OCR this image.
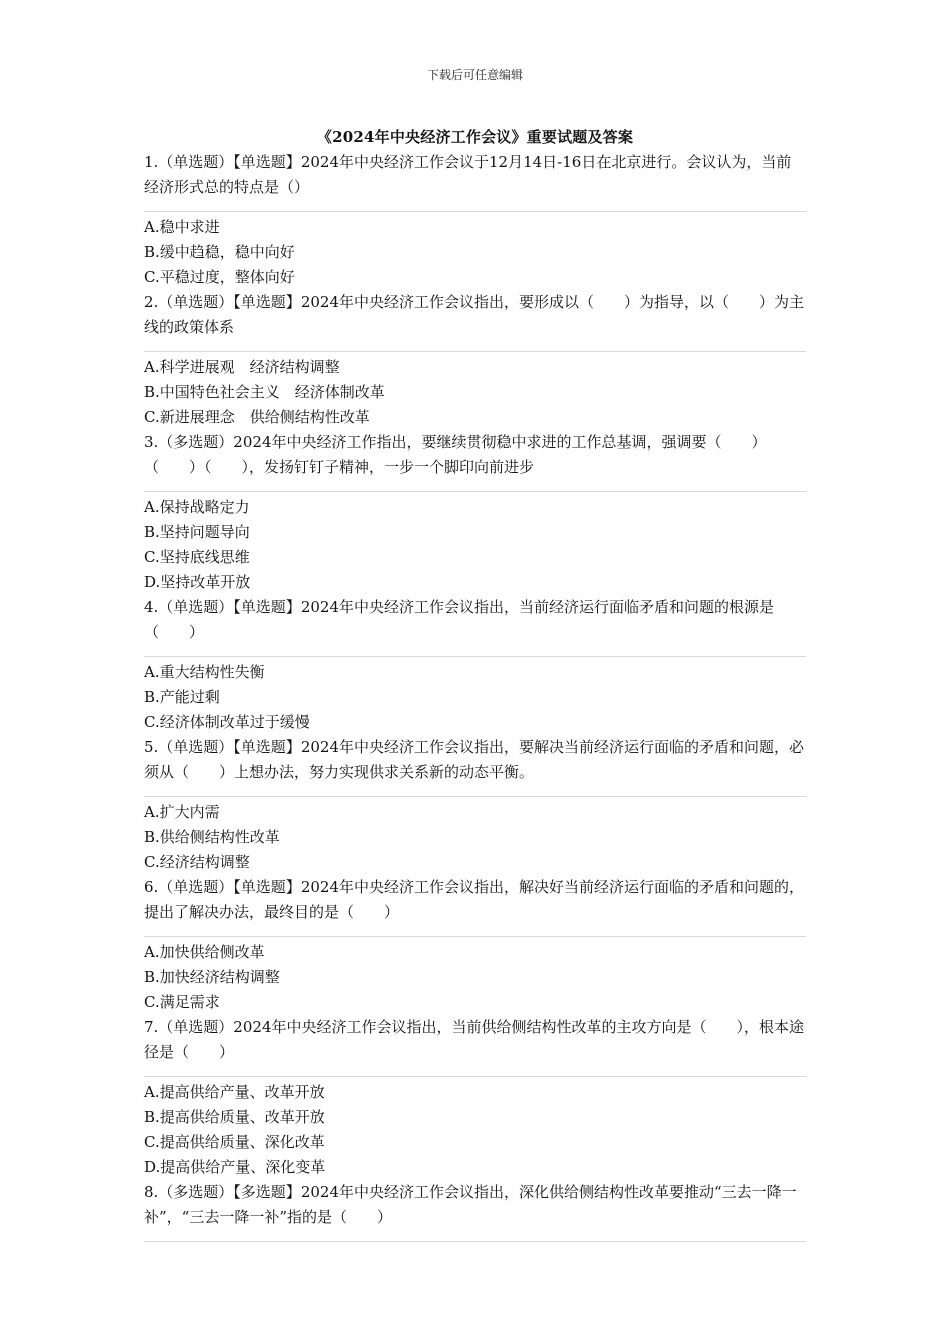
下载后可任意编辑
《2024年中央经济工作会议》重要试题及答案

1.（单选题）【单选题】2024年中央经济工作会议于12月14日-16日在北京进行。会议认为，当前经济形式总的特点是（）

A.稳中求进
B.缓中趋稳，稳中向好
C.平稳过度，整体向好

2.（单选题）【单选题】2024年中央经济工作会议指出，要形成以（　　）为指导，以（　　）为主线的政策体系

A.科学进展观　经济结构调整
B.中国特色社会主义　经济体制改革
C.新进展理念　供给侧结构性改革

3.（多选题）2024年中央经济工作指出，要继续贯彻稳中求进的工作总基调，强调要（　　）（　　）（　　），发扬钉钉子精神，一步一个脚印向前进步

A.保持战略定力
B.坚持问题导向
C.坚持底线思维
D.坚持改革开放

4.（单选题）【单选题】2024年中央经济工作会议指出，当前经济运行面临矛盾和问题的根源是（　　）

A.重大结构性失衡
B.产能过剩
C.经济体制改革过于缓慢

5.（单选题）【单选题】2024年中央经济工作会议指出，要解决当前经济运行面临的矛盾和问题，必须从（　　）上想办法，努力实现供求关系新的动态平衡。

A.扩大内需
B.供给侧结构性改革
C.经济结构调整

6.（单选题）【单选题】2024年中央经济工作会议指出，解决好当前经济运行面临的矛盾和问题的，提出了解决办法，最终目的是（　　）

A.加快供给侧改革
B.加快经济结构调整
C.满足需求

7.（单选题）2024年中央经济工作会议指出，当前供给侧结构性改革的主攻方向是（　　），根本途径是（　　）

A.提高供给产量、改革开放
B.提高供给质量、改革开放
C.提高供给质量、深化改革
D.提高供给产量、深化变革

8.（多选题）【多选题】2024年中央经济工作会议指出，深化供给侧结构性改革要推动“三去一降一补”，“三去一降一补”指的是（　　）
